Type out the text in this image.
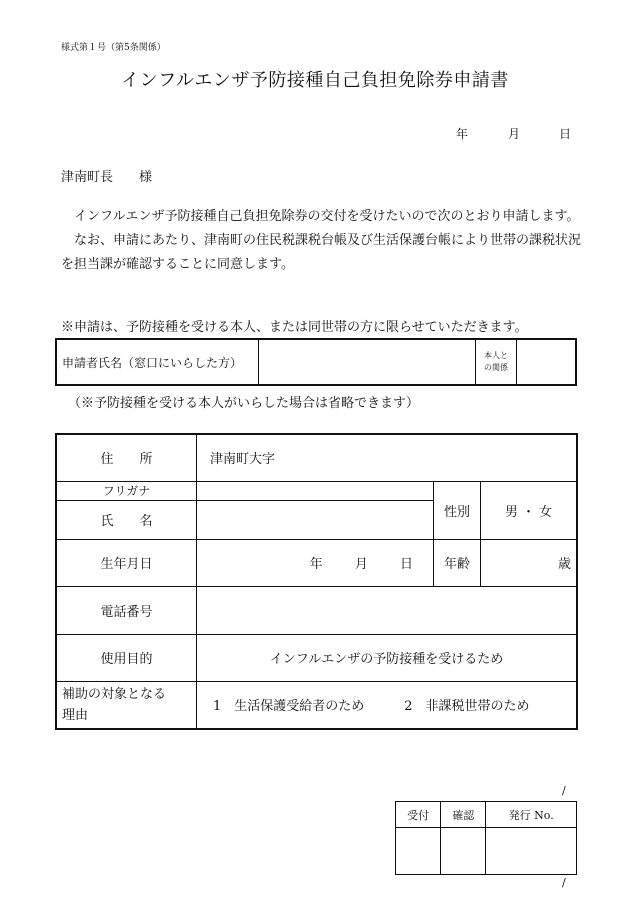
様式第１号（第5条関係）
インフルエンザ予防接種自己負担免除券申請書
年	月	日
津南町長 様

インフルエンザ予防接種自己負担免除券の交付を受けたいので次のとおり申請します。

なお、申請にあたり、津南町の住民税課税台帳及び生活保護台帳により世帯の課税状況を担当課が確認することに同意します。

※申請は、予防接種を受ける本人、または同世帯の方に限らせていただきます。
申請者氏名（窓口にいらした方）		本人と
の関係

（※予防接種を受ける本人がいらした場合は省略できます）
住　　所	津南町大字		
フリガナ		性別	男 ・ 女
氏　　名			
生年月日	年 月 日	年齢	歳
電話番号			
使用目的	インフルエンザの予防接種を受けるため		

補助の対象となる
理由	1　生活保護受給者のため 2　非課税世帯のため		
/
受付	確認	発行 No.

/
